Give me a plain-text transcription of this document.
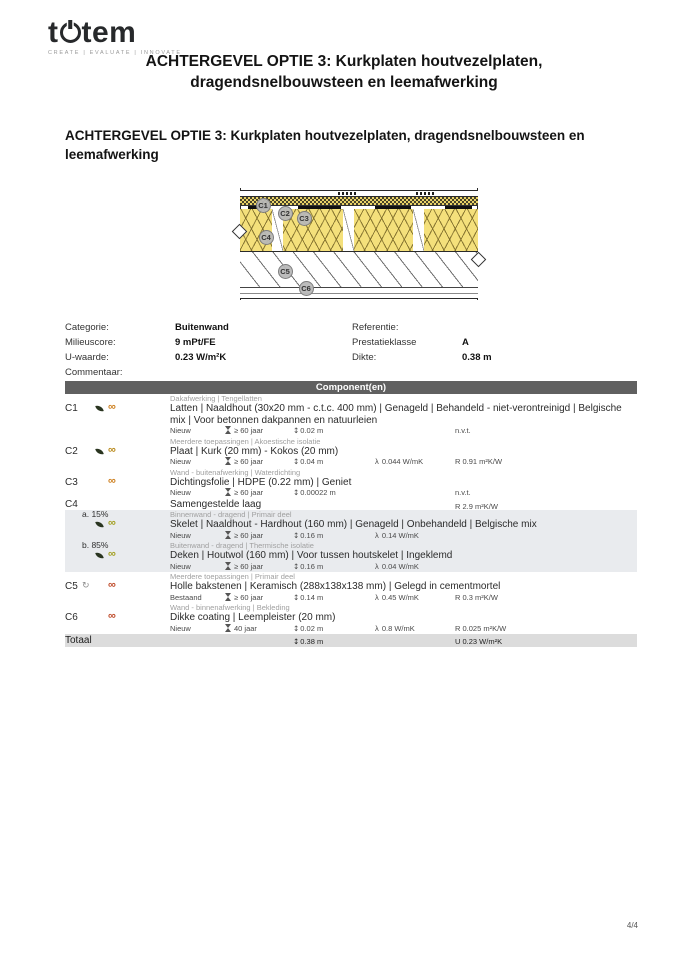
t tem
CREATE | EVALUATE | INNOVATE
ACHTERGEVEL OPTIE 3: Kurkplaten houtvezelplaten,
dragendsnelbouwsteen en leemafwerking
ACHTERGEVEL OPTIE 3: Kurkplaten houtvezelplaten, dragendsnelbouwsteen en leemafwerking
C1
C2
C3
C4
C5
C6
Categorie:	Buitenwand	Referentie:
Milieuscore:	9 mPt/FE	Prestatieklasse	A
U-waarde:	0.23 W/m²K	Dikte:	0.38 m
Commentaar:
Component(en)
Dakafwerking | Tengellatten
C1	∞	Latten | Naaldhout (30x20 mm - c.t.c. 400 mm) | Genageld | Behandeld - niet-verontreinigd | Belgische mix | Voor betonnen dakpannen en natuurleien
Nieuw	≥ 60 jaar	↕0.02 m	n.v.t.
Meerdere toepassingen | Akoestische isolatie
C2	∞	Plaat | Kurk (20 mm) - Kokos (20 mm)
Nieuw	≥ 60 jaar	↕0.04 m	λ 0.044 W/mK	R 0.91 m²K/W
Wand - buitenafwerking | Waterdichting
C3	∞	Dichtingsfolie | HDPE (0.22 mm) | Geniet
Nieuw	≥ 60 jaar	↕0.00022 m	n.v.t.
C4	Samengestelde laag	R 2.9 m²K/W
a. 15%	Binnenwand - dragend | Primair deel
∞	Skelet | Naaldhout - Hardhout (160 mm) | Genageld | Onbehandeld | Belgische mix
Nieuw	≥ 60 jaar	↕0.16 m	λ 0.14 W/mK
b. 85%	Buitenwand - dragend | Thermische isolatie
∞	Deken | Houtwol (160 mm) | Voor tussen houtskelet | Ingeklemd
Nieuw	≥ 60 jaar	↕0.16 m	λ 0.04 W/mK
Meerdere toepassingen | Primair deel
C5 ↻ ∞	Holle bakstenen | Keramisch (288x138x138 mm) | Gelegd in cementmortel
Bestaand	≥ 60 jaar	↕0.14 m	λ 0.45 W/mK	R 0.3 m²K/W
Wand - binnenafwerking | Bekleding
C6	∞	Dikke coating | Leempleister (20 mm)
Nieuw	40 jaar	↕0.02 m	λ 0.8 W/mK	R 0.025 m²K/W
Totaal	↕0.38 m	U 0.23 W/m²K
4/4
